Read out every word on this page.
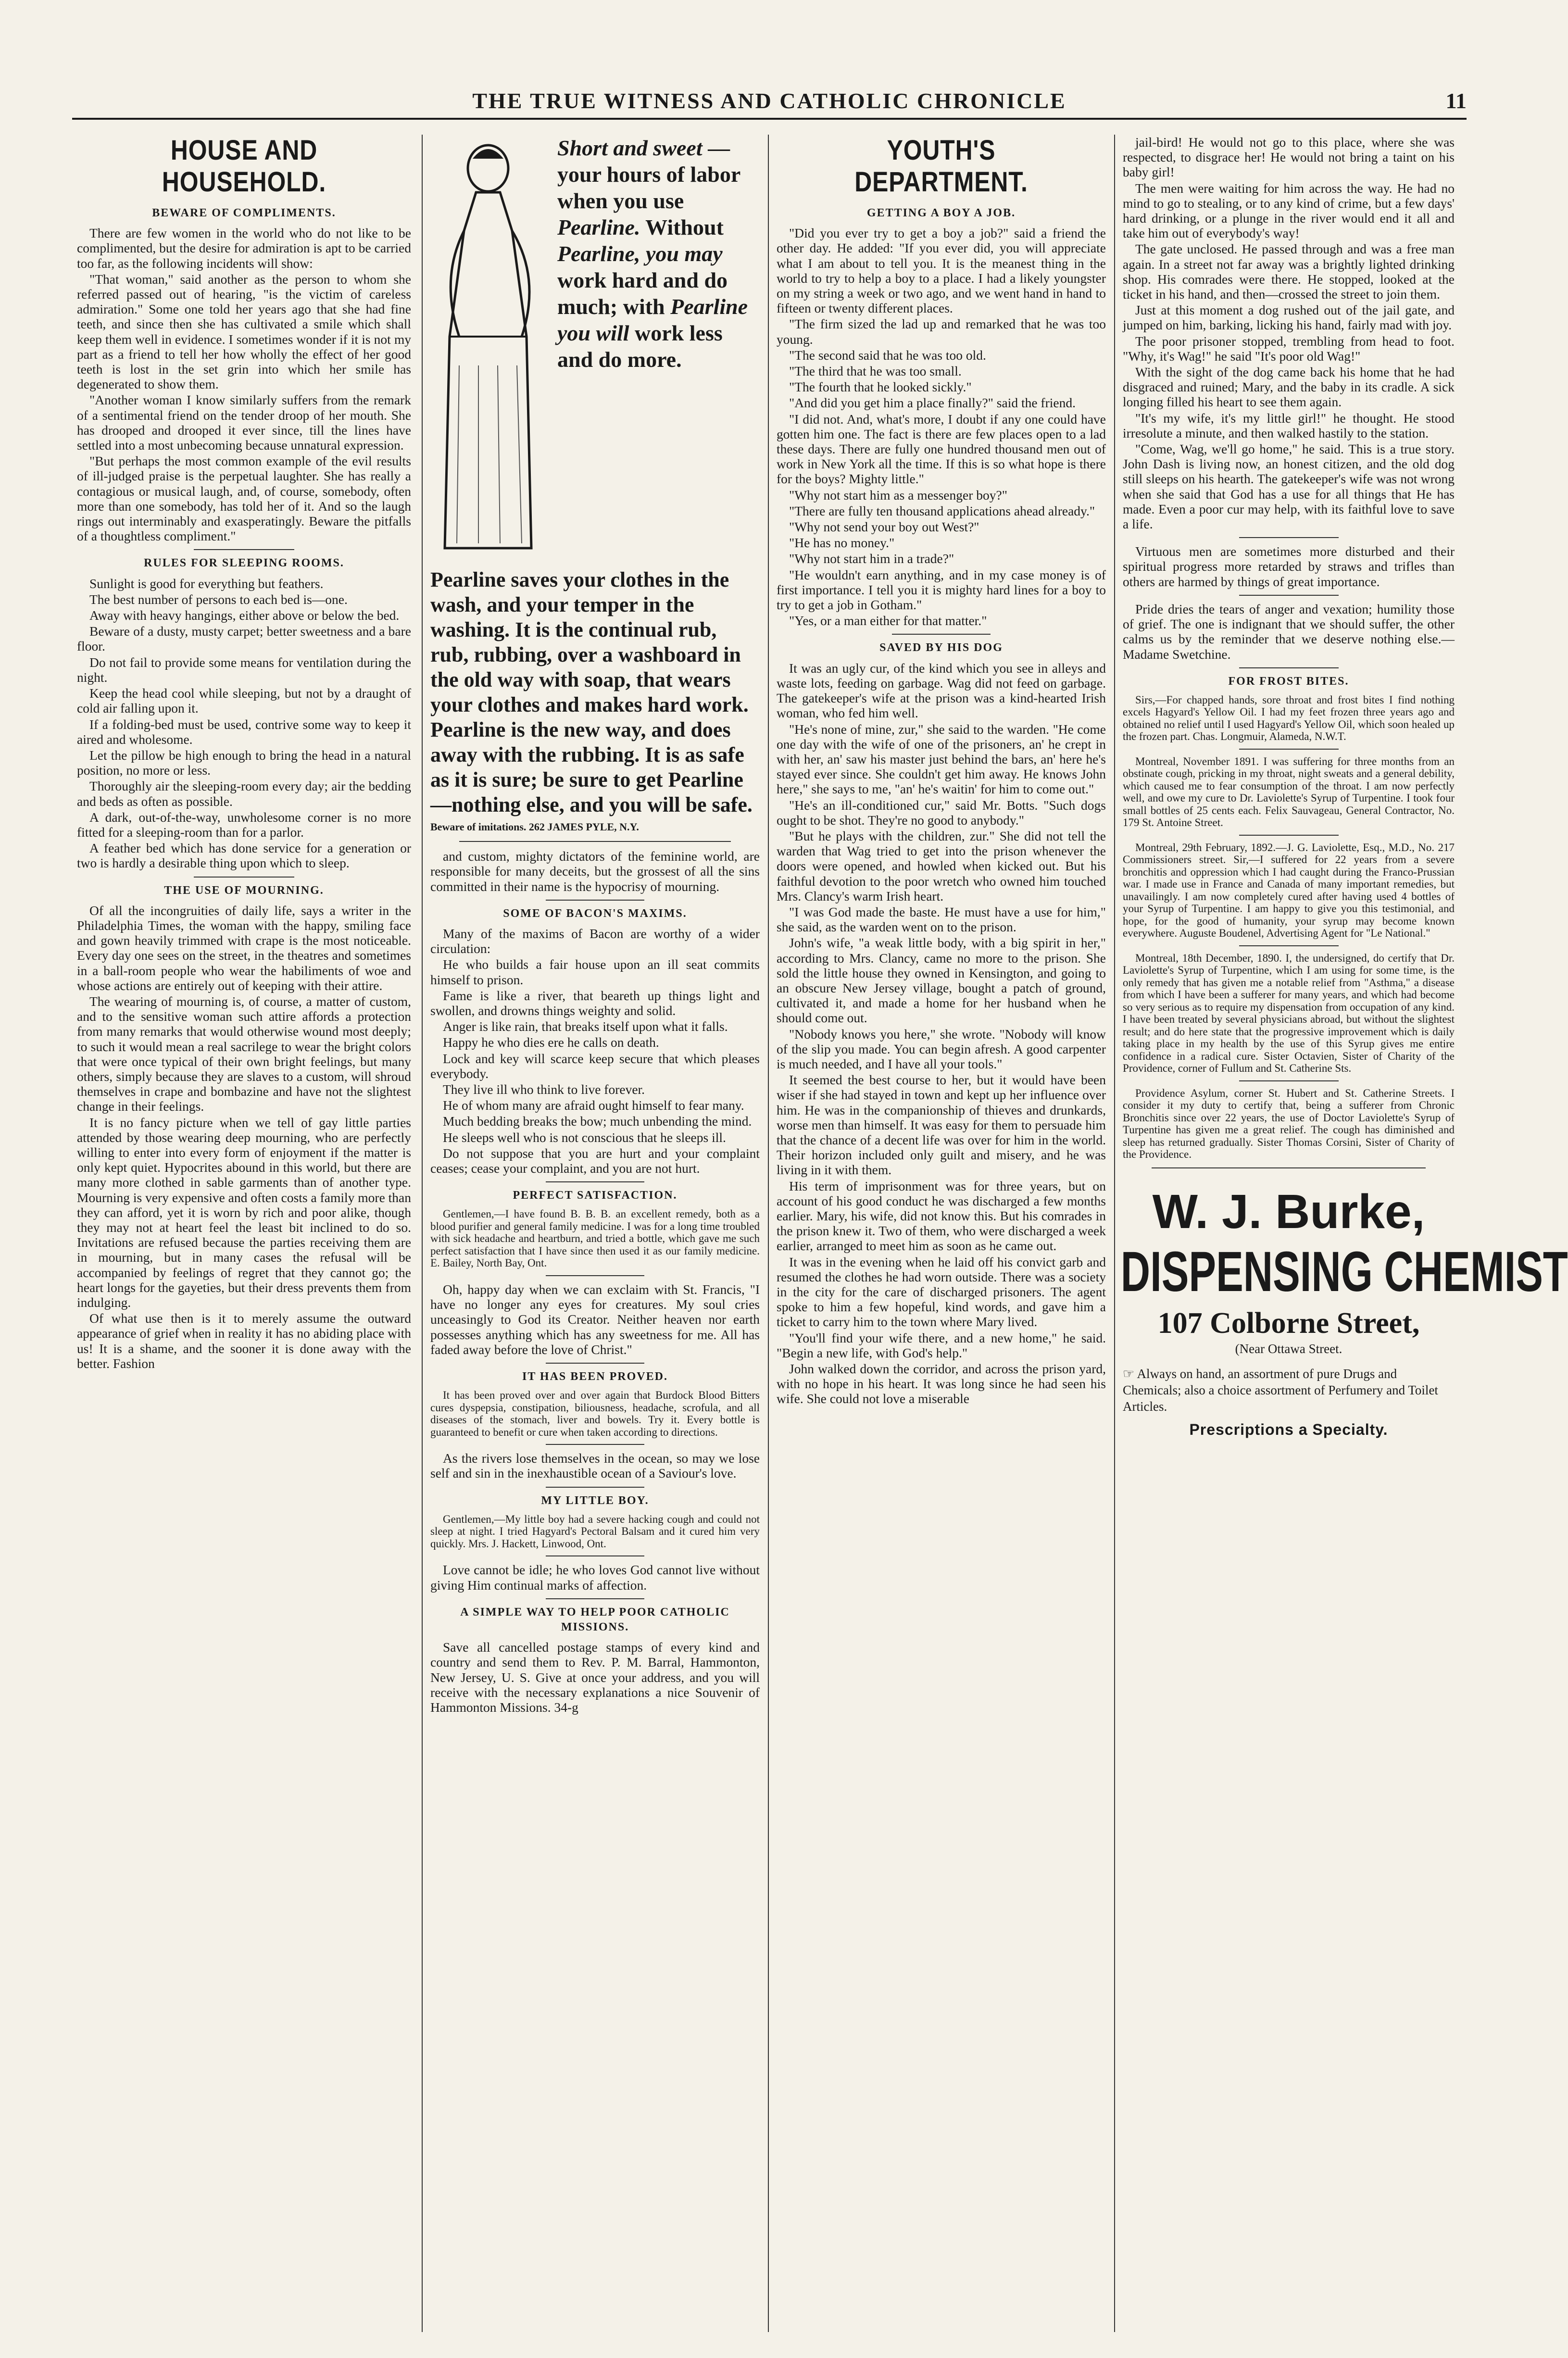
THE TRUE WITNESS AND CATHOLIC CHRONICLE	11
HOUSE AND HOUSEHOLD.
BEWARE OF COMPLIMENTS.

There are few women in the world who do not like to be complimented, but the desire for admiration is apt to be carried too far, as the following incidents will show:

"That woman," said another as the person to whom she referred passed out of hearing, "is the victim of careless admiration." Some one told her years ago that she had fine teeth, and since then she has cultivated a smile which shall keep them well in evidence. I sometimes wonder if it is not my part as a friend to tell her how wholly the effect of her good teeth is lost in the set grin into which her smile has degenerated to show them.

"Another woman I know similarly suffers from the remark of a sentimental friend on the tender droop of her mouth. She has drooped and drooped it ever since, till the lines have settled into a most unbecoming because unnatural expression.

"But perhaps the most common example of the evil results of ill-judged praise is the perpetual laughter. She has really a contagious or musical laugh, and, of course, somebody, often more than one somebody, has told her of it. And so the laugh rings out interminably and exasperatingly. Beware the pitfalls of a thoughtless compliment."

RULES FOR SLEEPING ROOMS.

Sunlight is good for everything but feathers.

The best number of persons to each bed is—one.

Away with heavy hangings, either above or below the bed.

Beware of a dusty, musty carpet; better sweetness and a bare floor.

Do not fail to provide some means for ventilation during the night.

Keep the head cool while sleeping, but not by a draught of cold air falling upon it.

If a folding-bed must be used, contrive some way to keep it aired and wholesome.

Let the pillow be high enough to bring the head in a natural position, no more or less.

Thoroughly air the sleeping-room every day; air the bedding and beds as often as possible.

A dark, out-of-the-way, unwholesome corner is no more fitted for a sleeping-room than for a parlor.

A feather bed which has done service for a generation or two is hardly a desirable thing upon which to sleep.

THE USE OF MOURNING.

Of all the incongruities of daily life, says a writer in the Philadelphia Times, the woman with the happy, smiling face and gown heavily trimmed with crape is the most noticeable. Every day one sees on the street, in the theatres and sometimes in a ball-room people who wear the habiliments of woe and whose actions are entirely out of keeping with their attire.

The wearing of mourning is, of course, a matter of custom, and to the sensitive woman such attire affords a protection from many remarks that would otherwise wound most deeply; to such it would mean a real sacrilege to wear the bright colors that were once typical of their own bright feelings, but many others, simply because they are slaves to a custom, will shroud themselves in crape and bombazine and have not the slightest change in their feelings.

It is no fancy picture when we tell of gay little parties attended by those wearing deep mourning, who are perfectly willing to enter into every form of enjoyment if the matter is only kept quiet. Hypocrites abound in this world, but there are many more clothed in sable garments than of another type. Mourning is very expensive and often costs a family more than they can afford, yet it is worn by rich and poor alike, though they may not at heart feel the least bit inclined to do so. Invitations are refused because the parties receiving them are in mourning, but in many cases the refusal will be accompanied by feelings of regret that they cannot go; the heart longs for the gayeties, but their dress prevents them from indulging.

Of what use then is it to merely assume the outward appearance of grief when in reality it has no abiding place with us! It is a shame, and the sooner it is done away with the better. Fashion

Short and sweet —your hours of labor when you use Pearline. Without Pearline, you may work hard and do much; with Pearline you will work less and do more.
Pearline saves your clothes in the wash, and your temper in the washing. It is the continual rub, rub, rubbing, over a washboard in the old way with soap, that wears your clothes and makes hard work.
Pearline is the new way, and does away with the rubbing. It is as safe as it is sure; be sure to get Pearline—nothing else, and you will be safe.
Beware of imitations. 262 JAMES PYLE, N.Y.

and custom, mighty dictators of the feminine world, are responsible for many deceits, but the grossest of all the sins committed in their name is the hypocrisy of mourning.

SOME OF BACON'S MAXIMS.

Many of the maxims of Bacon are worthy of a wider circulation:

He who builds a fair house upon an ill seat commits himself to prison.

Fame is like a river, that beareth up things light and swollen, and drowns things weighty and solid.

Anger is like rain, that breaks itself upon what it falls.

Happy he who dies ere he calls on death.

Lock and key will scarce keep secure that which pleases everybody.

They live ill who think to live forever.

He of whom many are afraid ought himself to fear many.

Much bedding breaks the bow; much unbending the mind.

He sleeps well who is not conscious that he sleeps ill.

Do not suppose that you are hurt and your complaint ceases; cease your complaint, and you are not hurt.

PERFECT SATISFACTION.

Gentlemen,—I have found B. B. B. an excellent remedy, both as a blood purifier and general family medicine. I was for a long time troubled with sick headache and heartburn, and tried a bottle, which gave me such perfect satisfaction that I have since then used it as our family medicine. E. Bailey, North Bay, Ont.

Oh, happy day when we can exclaim with St. Francis, "I have no longer any eyes for creatures. My soul cries unceasingly to God its Creator. Neither heaven nor earth possesses anything which has any sweetness for me. All has faded away before the love of Christ."

IT HAS BEEN PROVED.

It has been proved over and over again that Burdock Blood Bitters cures dyspepsia, constipation, biliousness, headache, scrofula, and all diseases of the stomach, liver and bowels. Try it. Every bottle is guaranteed to benefit or cure when taken according to directions.

As the rivers lose themselves in the ocean, so may we lose self and sin in the inexhaustible ocean of a Saviour's love.

MY LITTLE BOY.

Gentlemen,—My little boy had a severe hacking cough and could not sleep at night. I tried Hagyard's Pectoral Balsam and it cured him very quickly. Mrs. J. Hackett, Linwood, Ont.

Love cannot be idle; he who loves God cannot live without giving Him continual marks of affection.

A SIMPLE WAY TO HELP POOR CATHOLIC MISSIONS.

Save all cancelled postage stamps of every kind and country and send them to Rev. P. M. Barral, Hammonton, New Jersey, U. S. Give at once your address, and you will receive with the necessary explanations a nice Souvenir of Hammonton Missions. 34-g

YOUTH'S DEPARTMENT.
GETTING A BOY A JOB.

"Did you ever try to get a boy a job?" said a friend the other day. He added: "If you ever did, you will appreciate what I am about to tell you. It is the meanest thing in the world to try to help a boy to a place. I had a likely youngster on my string a week or two ago, and we went hand in hand to fifteen or twenty different places.

"The firm sized the lad up and remarked that he was too young.

"The second said that he was too old.

"The third that he was too small.

"The fourth that he looked sickly."

"And did you get him a place finally?" said the friend.

"I did not. And, what's more, I doubt if any one could have gotten him one. The fact is there are few places open to a lad these days. There are fully one hundred thousand men out of work in New York all the time. If this is so what hope is there for the boys? Mighty little."

"Why not start him as a messenger boy?"

"There are fully ten thousand applications ahead already."

"Why not send your boy out West?"

"He has no money."

"Why not start him in a trade?"

"He wouldn't earn anything, and in my case money is of first importance. I tell you it is mighty hard lines for a boy to try to get a job in Gotham."

"Yes, or a man either for that matter."

SAVED BY HIS DOG

It was an ugly cur, of the kind which you see in alleys and waste lots, feeding on garbage. Wag did not feed on garbage. The gatekeeper's wife at the prison was a kind-hearted Irish woman, who fed him well.

"He's none of mine, zur," she said to the warden. "He come one day with the wife of one of the prisoners, an' he crept in with her, an' saw his master just behind the bars, an' here he's stayed ever since. She couldn't get him away. He knows John here," she says to me, "an' he's waitin' for him to come out."

"He's an ill-conditioned cur," said Mr. Botts. "Such dogs ought to be shot. They're no good to anybody."

"But he plays with the children, zur." She did not tell the warden that Wag tried to get into the prison whenever the doors were opened, and howled when kicked out. But his faithful devotion to the poor wretch who owned him touched Mrs. Clancy's warm Irish heart.

"I was God made the baste. He must have a use for him," she said, as the warden went on to the prison.

John's wife, "a weak little body, with a big spirit in her," according to Mrs. Clancy, came no more to the prison. She sold the little house they owned in Kensington, and going to an obscure New Jersey village, bought a patch of ground, cultivated it, and made a home for her husband when he should come out.

"Nobody knows you here," she wrote. "Nobody will know of the slip you made. You can begin afresh. A good carpenter is much needed, and I have all your tools."

It seemed the best course to her, but it would have been wiser if she had stayed in town and kept up her influence over him. He was in the companionship of thieves and drunkards, worse men than himself. It was easy for them to persuade him that the chance of a decent life was over for him in the world. Their horizon included only guilt and misery, and he was living in it with them.

His term of imprisonment was for three years, but on account of his good conduct he was discharged a few months earlier. Mary, his wife, did not know this. But his comrades in the prison knew it. Two of them, who were discharged a week earlier, arranged to meet him as soon as he came out.

It was in the evening when he laid off his convict garb and resumed the clothes he had worn outside. There was a society in the city for the care of discharged prisoners. The agent spoke to him a few hopeful, kind words, and gave him a ticket to carry him to the town where Mary lived.

"You'll find your wife there, and a new home," he said. "Begin a new life, with God's help."

John walked down the corridor, and across the prison yard, with no hope in his heart. It was long since he had seen his wife. She could not love a miserable

jail-bird! He would not go to this place, where she was respected, to disgrace her! He would not bring a taint on his baby girl!

The men were waiting for him across the way. He had no mind to go to stealing, or to any kind of crime, but a few days' hard drinking, or a plunge in the river would end it all and take him out of everybody's way!

The gate unclosed. He passed through and was a free man again. In a street not far away was a brightly lighted drinking shop. His comrades were there. He stopped, looked at the ticket in his hand, and then—crossed the street to join them.

Just at this moment a dog rushed out of the jail gate, and jumped on him, barking, licking his hand, fairly mad with joy.

The poor prisoner stopped, trembling from head to foot. "Why, it's Wag!" he said "It's poor old Wag!"

With the sight of the dog came back his home that he had disgraced and ruined; Mary, and the baby in its cradle. A sick longing filled his heart to see them again.

"It's my wife, it's my little girl!" he thought. He stood irresolute a minute, and then walked hastily to the station.

"Come, Wag, we'll go home," he said. This is a true story. John Dash is living now, an honest citizen, and the old dog still sleeps on his hearth. The gatekeeper's wife was not wrong when she said that God has a use for all things that He has made. Even a poor cur may help, with its faithful love to save a life.

Virtuous men are sometimes more disturbed and their spiritual progress more retarded by straws and trifles than others are harmed by things of great importance.

Pride dries the tears of anger and vexation; humility those of grief. The one is indignant that we should suffer, the other calms us by the reminder that we deserve nothing else.—Madame Swetchine.

FOR FROST BITES.

Sirs,—For chapped hands, sore throat and frost bites I find nothing excels Hagyard's Yellow Oil. I had my feet frozen three years ago and obtained no relief until I used Hagyard's Yellow Oil, which soon healed up the frozen part. Chas. Longmuir, Alameda, N.W.T.

Montreal, November 1891. I was suffering for three months from an obstinate cough, pricking in my throat, night sweats and a general debility, which caused me to fear consumption of the throat. I am now perfectly well, and owe my cure to Dr. Laviolette's Syrup of Turpentine. I took four small bottles of 25 cents each. Felix Sauvageau, General Contractor, No. 179 St. Antoine Street.

Montreal, 29th February, 1892.—J. G. Laviolette, Esq., M.D., No. 217 Commissioners street. Sir,—I suffered for 22 years from a severe bronchitis and oppression which I had caught during the Franco-Prussian war. I made use in France and Canada of many important remedies, but unavailingly. I am now completely cured after having used 4 bottles of your Syrup of Turpentine. I am happy to give you this testimonial, and hope, for the good of humanity, your syrup may become known everywhere. Auguste Boudenel, Advertising Agent for "Le National."

Montreal, 18th December, 1890. I, the undersigned, do certify that Dr. Laviolette's Syrup of Turpentine, which I am using for some time, is the only remedy that has given me a notable relief from "Asthma," a disease from which I have been a sufferer for many years, and which had become so very serious as to require my dispensation from occupation of any kind. I have been treated by several physicians abroad, but without the slightest result; and do here state that the progressive improvement which is daily taking place in my health by the use of this Syrup gives me entire confidence in a radical cure. Sister Octavien, Sister of Charity of the Providence, corner of Fullum and St. Catherine Sts.

Providence Asylum, corner St. Hubert and St. Catherine Streets. I consider it my duty to certify that, being a sufferer from Chronic Bronchitis since over 22 years, the use of Doctor Laviolette's Syrup of Turpentine has given me a great relief. The cough has diminished and sleep has returned gradually. Sister Thomas Corsini, Sister of Charity of the Providence.

W. J. Burke,
DISPENSING CHEMIST
107 Colborne Street,
(Near Ottawa Street.
☞ Always on hand, an assortment of pure Drugs and Chemicals; also a choice assortment of Perfumery and Toilet Articles.
Prescriptions a Specialty.
